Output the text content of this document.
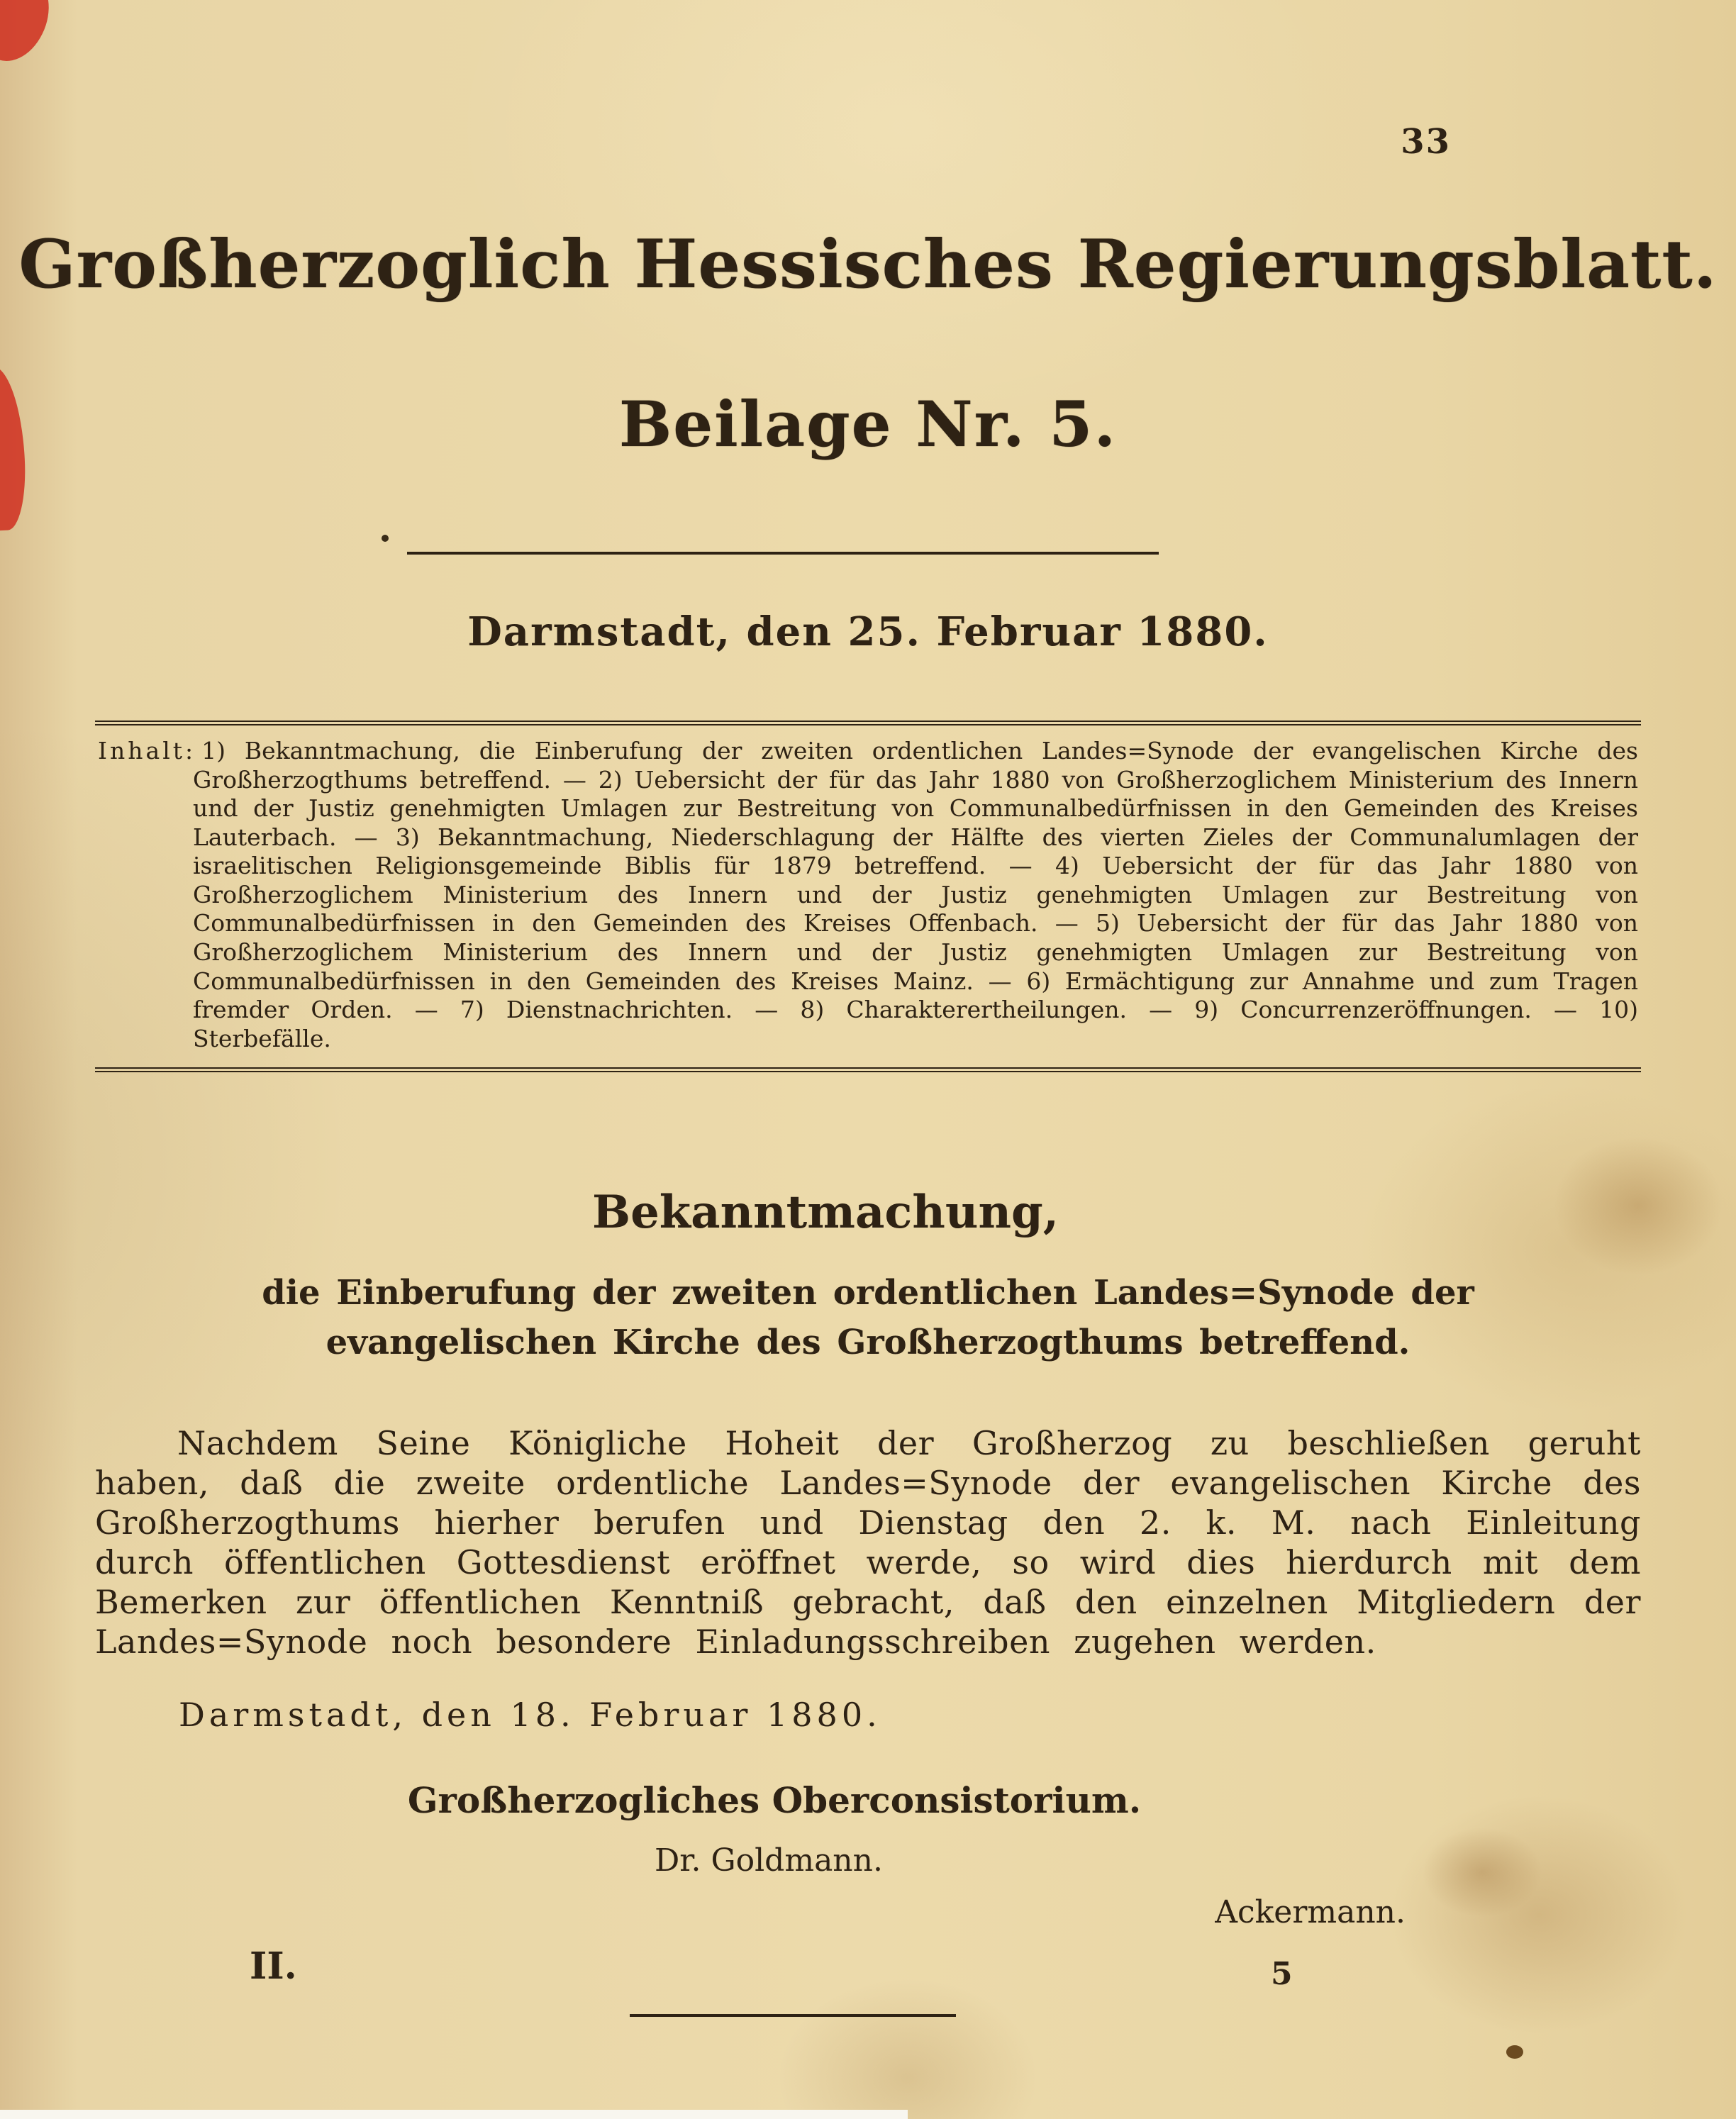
33
Großherzoglich Hessisches Regierungsblatt.
Beilage Nr. 5.
Darmstadt, den 25. Februar 1880.

Inhalt: 1) Bekanntmachung, die Einberufung der zweiten ordentlichen Landes=Synode der evangelischen Kirche des Großherzogthums betreffend. — 2) Uebersicht der für das Jahr 1880 von Großherzoglichem Ministerium des Innern und der Justiz genehmigten Umlagen zur Bestreitung von Communalbedürfnissen in den Gemeinden des Kreises Lauterbach. — 3) Bekanntmachung, Niederschlagung der Hälfte des vierten Zieles der Communalumlagen der israelitischen Religionsgemeinde Biblis für 1879 betreffend. — 4) Uebersicht der für das Jahr 1880 von Großherzoglichem Ministerium des Innern und der Justiz genehmigten Umlagen zur Bestreitung von Communalbedürfnissen in den Gemeinden des Kreises Offenbach. — 5) Uebersicht der für das Jahr 1880 von Großherzoglichem Ministerium des Innern und der Justiz genehmigten Umlagen zur Bestreitung von Communalbedürfnissen in den Gemeinden des Kreises Mainz. — 6) Ermächtigung zur Annahme und zum Tragen fremder Orden. — 7) Dienstnachrichten. — 8) Charakterertheilungen. — 9) Concurrenzeröffnungen. — 10) Sterbefälle.

Bekanntmachung,

die Einberufung der zweiten ordentlichen Landes=Synode der evangelischen Kirche des Großherzogthums betreffend.

Nachdem Seine Königliche Hoheit der Großherzog zu beschließen geruht haben, daß die zweite ordentliche Landes=Synode der evangelischen Kirche des Großherzogthums hierher berufen und Dienstag den 2. k. M. nach Einleitung durch öffentlichen Gottesdienst eröffnet werde, so wird dies hierdurch mit dem Bemerken zur öffentlichen Kenntniß gebracht, daß den einzelnen Mitgliedern der Landes=Synode noch besondere Einladungsschreiben zugehen werden.

Darmstadt, den 18. Februar 1880.

Großherzogliches Oberconsistorium.

Dr. Goldmann.

Ackermann.

II.	5
